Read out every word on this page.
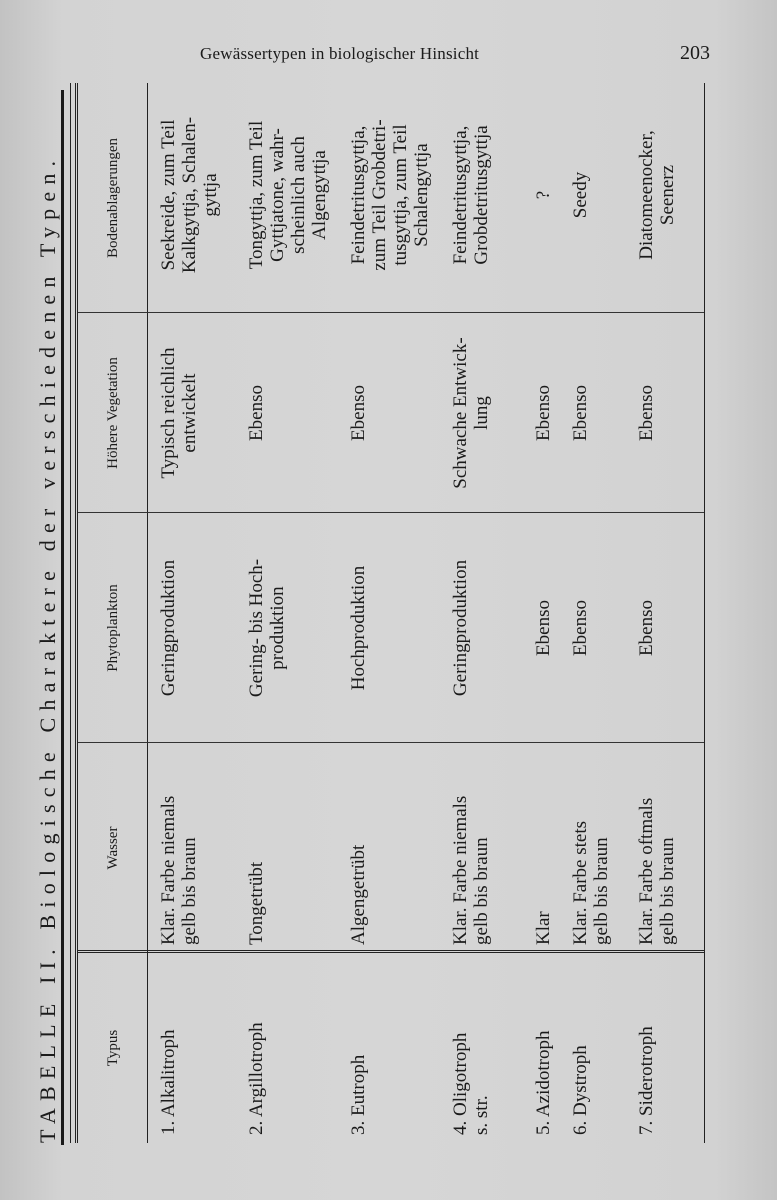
Gewässertypen in biologischer Hinsicht	203
TABELLE II. Biologische Charaktere der verschiedenen Typen.	Typus
Wasser
Phytoplankton
Höhere Vegetation
Bodenablagerungen
1. Alkalitroph
Klar. Farbe niemals gelb bis braun
Geringproduktion
Typisch reichlich entwickelt
Seekreide, zum Teil Kalkgyttja, Schalen- gyttja
2. Argillotroph
Tongetrübt
Gering- bis Hoch- produktion
Ebenso
Tongyttja, zum Teil Gyttjatone, wahr- scheinlich auch Algengyttja
3. Eutroph
Algengetrübt
Hochproduktion
Ebenso
Feindetritusgyttja, zum Teil Grobdetri- tusgyttja, zum Teil Schalengyttja
4. Oligotroph s. str.
Klar. Farbe niemals gelb bis braun
Geringproduktion
Schwache Entwick- lung
Feindetritusgyttja, Grobdetritusgyttja
5. Azidotroph
Klar
Ebenso
Ebenso
?
6. Dystroph
Klar. Farbe stets gelb bis braun
Ebenso
Ebenso
Seedy
7. Siderotroph
Klar. Farbe oftmals gelb bis braun
Ebenso
Ebenso
Diatomeenocker, Seenerz
